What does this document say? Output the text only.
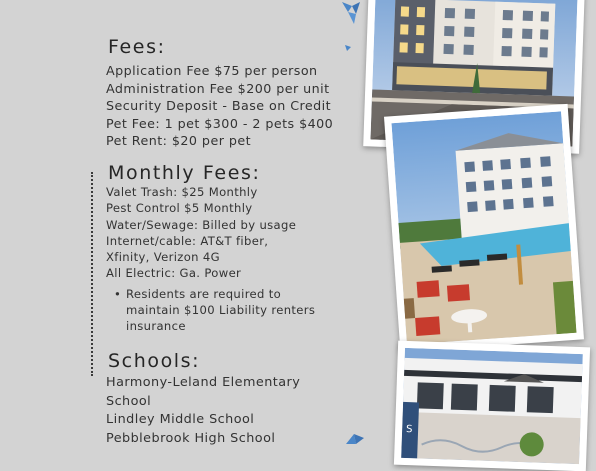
Fees:
Application Fee $75 per person
Administration Fee $200 per unit
Security Deposit - Base on Credit
Pet Fee: 1 pet $300 - 2 pets $400
Pet Rent: $20 per pet
Monthly Fees:
Valet Trash: $25 Monthly
Pest Control $5 Monthly
Water/Sewage: Billed by usage
Internet/cable: AT&T fiber,
Xfinity, Verizon 4G
All Electric: Ga. Power
• Residents are required to maintain $100 Liability renters insurance
Schools:
Harmony-Leland Elementary
School
Lindley Middle School
Pebblebrook High School
S
